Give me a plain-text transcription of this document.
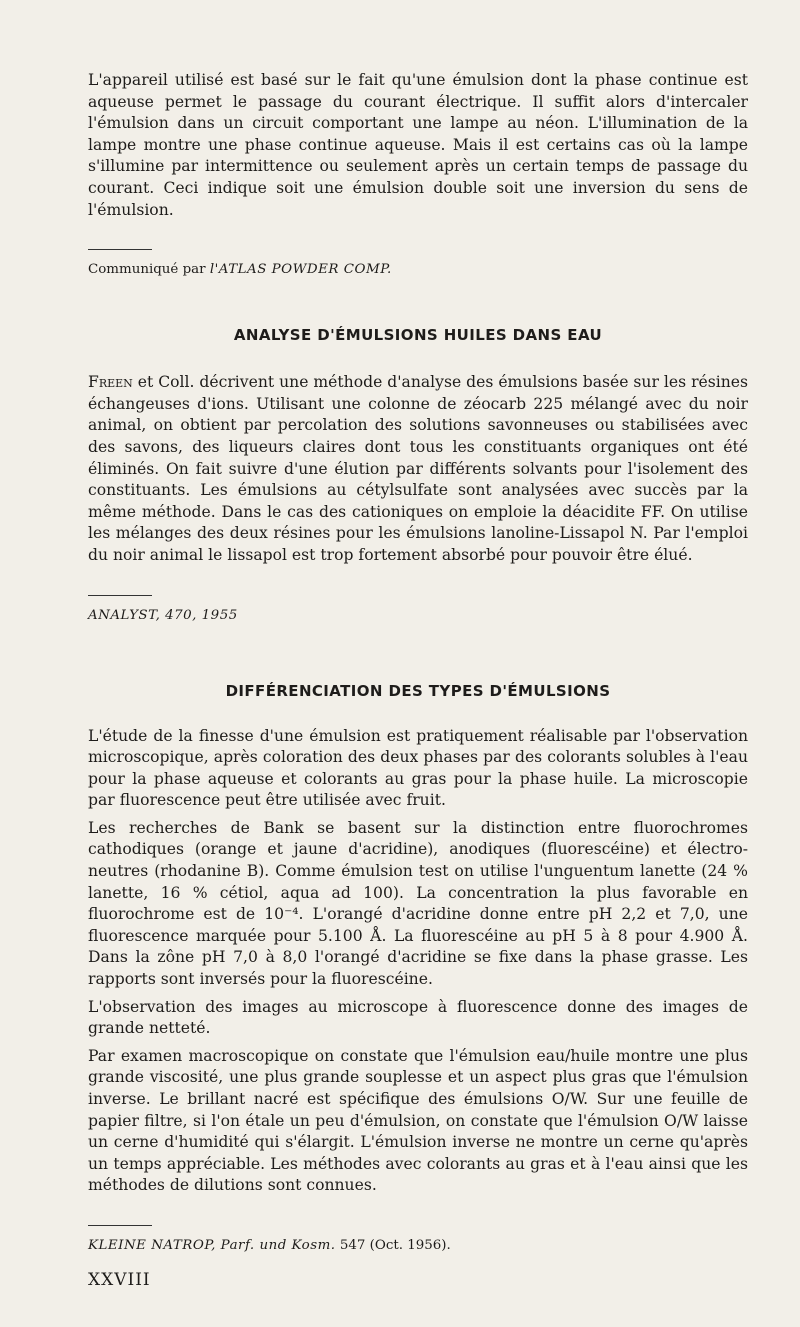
L'appareil utilisé est basé sur le fait qu'une émulsion dont la phase continue est aqueuse permet le passage du courant électrique. Il suffit alors d'intercaler l'émulsion dans un circuit comportant une lampe au néon. L'illumination de la lampe montre une phase continue aqueuse. Mais il est certains cas où la lampe s'illumine par intermittence ou seulement après un certain temps de passage du courant. Ceci indique soit une émulsion double soit une inversion du sens de l'émulsion.

Communiqué par l'ATLAS POWDER COMP.
ANALYSE D'ÉMULSIONS HUILES DANS EAU

Freen et Coll. décrivent une méthode d'analyse des émulsions basée sur les résines échangeuses d'ions. Utilisant une colonne de zéocarb 225 mélangé avec du noir animal, on obtient par percolation des solutions savonneuses ou stabilisées avec des savons, des liqueurs claires dont tous les constituants organiques ont été éliminés. On fait suivre d'une élution par différents solvants pour l'isolement des constituants. Les émulsions au cétylsulfate sont analysées avec succès par la même méthode. Dans le cas des cationiques on emploie la déacidite FF. On utilise les mélanges des deux résines pour les émulsions lanoline-Lissapol N. Par l'emploi du noir animal le lissapol est trop fortement absorbé pour pouvoir être élué.

ANALYST, 470, 1955
DIFFÉRENCIATION DES TYPES D'ÉMULSIONS

L'étude de la finesse d'une émulsion est pratiquement réalisable par l'observation microscopique, après coloration des deux phases par des colorants solubles à l'eau pour la phase aqueuse et colorants au gras pour la phase huile. La microscopie par fluorescence peut être utilisée avec fruit.

Les recherches de Bank se basent sur la distinction entre fluorochromes cathodiques (orange et jaune d'acridine), anodiques (fluorescéine) et électro-neutres (rhodanine B). Comme émulsion test on utilise l'unguentum lanette (24 % lanette, 16 % cétiol, aqua ad 100). La concentration la plus favorable en fluorochrome est de 10⁻⁴. L'orangé d'acridine donne entre pH 2,2 et 7,0, une fluorescence marquée pour 5.100 Å. La fluorescéine au pH 5 à 8 pour 4.900 Å. Dans la zône pH 7,0 à 8,0 l'orangé d'acridine se fixe dans la phase grasse. Les rapports sont inversés pour la fluorescéine.

L'observation des images au microscope à fluorescence donne des images de grande netteté.

Par examen macroscopique on constate que l'émulsion eau/huile montre une plus grande viscosité, une plus grande souplesse et un aspect plus gras que l'émulsion inverse. Le brillant nacré est spécifique des émulsions O/W. Sur une feuille de papier filtre, si l'on étale un peu d'émulsion, on constate que l'émulsion O/W laisse un cerne d'humidité qui s'élargit. L'émulsion inverse ne montre un cerne qu'après un temps appréciable. Les méthodes avec colorants au gras et à l'eau ainsi que les méthodes de dilutions sont connues.

KLEINE NATROP, Parf. und Kosm. 547 (Oct. 1956).
XXVIII
